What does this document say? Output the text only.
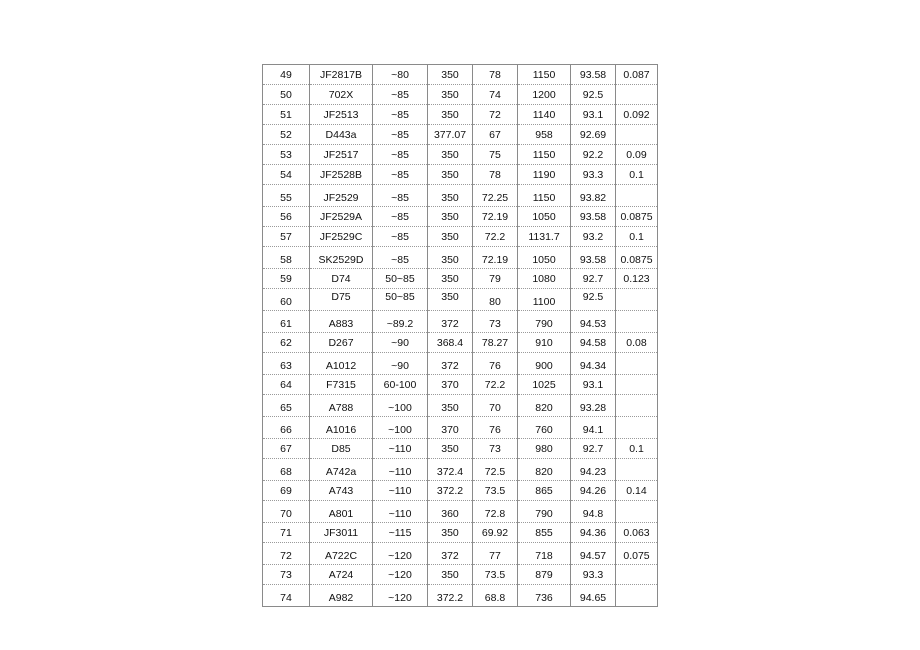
49	JF2817B	~80	350	78	1150	93.58	0.087
50	702X	~85	350	74	1200	92.5	
51	JF2513	~85	350	72	1140	93.1	0.092
52	D443a	~85	377.07	67	958	92.69	
53	JF2517	~85	350	75	1150	92.2	0.09
54	JF2528B	~85	350	78	1190	93.3	0.1
55	JF2529	~85	350	72.25	1150	93.82	
56	JF2529A	~85	350	72.19	1050	93.58	0.0875
57	JF2529C	~85	350	72.2	1131.7	93.2	0.1
58	SK2529D	~85	350	72.19	1050	93.58	0.0875
59	D74	50~85	350	79	1080	92.7	0.123
60	D75	50~85	350	80	1100	92.5	
61	A883	~89.2	372	73	790	94.53	
62	D267	~90	368.4	78.27	910	94.58	0.08
63	A1012	~90	372	76	900	94.34	
64	F7315	60-100	370	72.2	1025	93.1	
65	A788	~100	350	70	820	93.28	
66	A1016	~100	370	76	760	94.1	
67	D85	~110	350	73	980	92.7	0.1
68	A742a	~110	372.4	72.5	820	94.23	
69	A743	~110	372.2	73.5	865	94.26	0.14
70	A801	~110	360	72.8	790	94.8	
71	JF3011	~115	350	69.92	855	94.36	0.063
72	A722C	~120	372	77	718	94.57	0.075
73	A724	~120	350	73.5	879	93.3	
74	A982	~120	372.2	68.8	736	94.65	
